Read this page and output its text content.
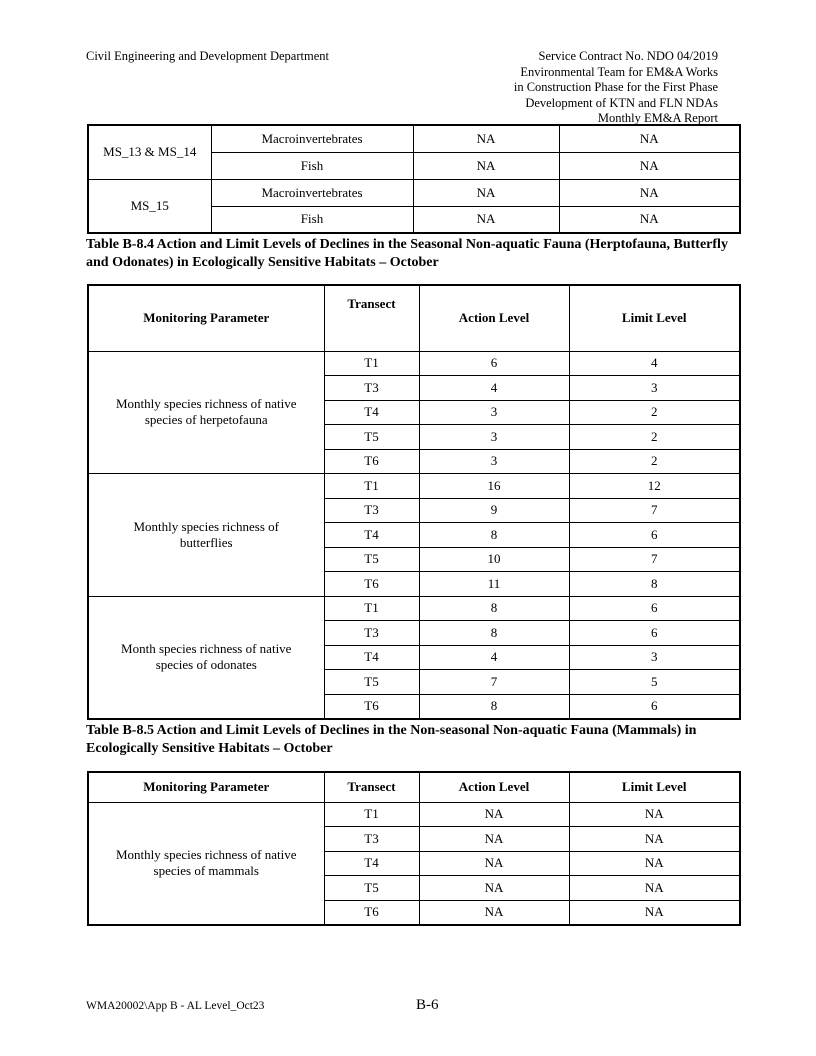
Civil Engineering and Development Department	Service Contract No. NDO 04/2019
Environmental Team for EM&A Works
in Construction Phase for the First Phase
Development of KTN and FLN NDAs
Monthly EM&A Report
MS_13 & MS_14	Macroinvertebrates	NA	NA
	Fish	NA	NA
MS_15	Macroinvertebrates	NA	NA
	Fish	NA	NA
Table B-8.4 Action and Limit Levels of Declines in the Seasonal Non-aquatic Fauna (Herptofauna, Butterfly and Odonates) in Ecologically Sensitive Habitats – October
Monitoring Parameter	Transect	Action Level	Limit Level
Monthly species richness of native species of herpetofauna	T1	6	4
	T3	4	3
	T4	3	2
	T5	3	2
	T6	3	2
Monthly species richness of butterflies	T1	16	12
	T3	9	7
	T4	8	6
	T5	10	7
	T6	11	8
Month species richness of native species of odonates	T1	8	6
	T3	8	6
	T4	4	3
	T5	7	5
	T6	8	6
Table B-8.5 Action and Limit Levels of Declines in the Non-seasonal Non-aquatic Fauna (Mammals) in Ecologically Sensitive Habitats – October
Monitoring Parameter	Transect	Action Level	Limit Level
Monthly species richness of native species of mammals	T1	NA	NA
	T3	NA	NA
	T4	NA	NA
	T5	NA	NA
	T6	NA	NA
WMA20002\App B - AL Level_Oct23	B-6
